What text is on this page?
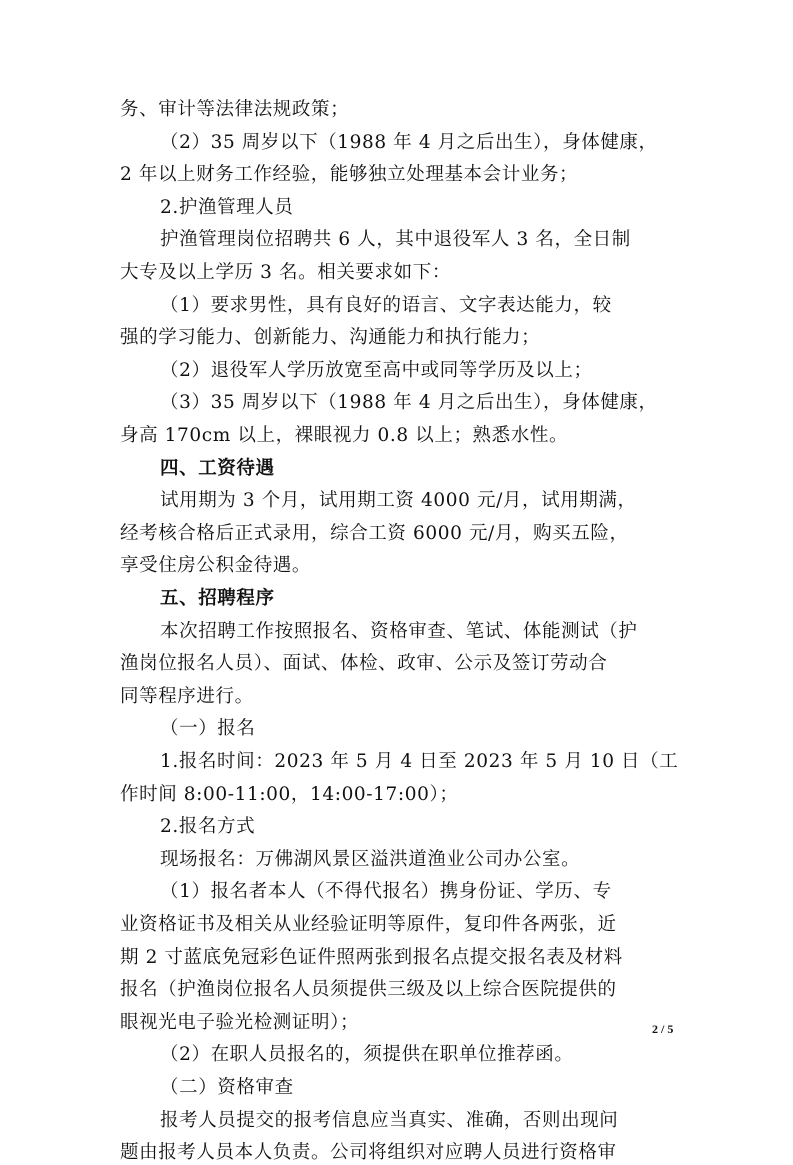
务、审计等法律法规政策；
（2）35 周岁以下（1988 年 4 月之后出生），身体健康，
2 年以上财务工作经验，能够独立处理基本会计业务；
2.护渔管理人员
护渔管理岗位招聘共 6 人，其中退役军人 3 名，全日制
大专及以上学历 3 名。相关要求如下：
（1）要求男性，具有良好的语言、文字表达能力，较
强的学习能力、创新能力、沟通能力和执行能力；
（2）退役军人学历放宽至高中或同等学历及以上；
（3）35 周岁以下（1988 年 4 月之后出生），身体健康，
身高 170cm 以上，裸眼视力 0.8 以上；熟悉水性。
四、工资待遇
试用期为 3 个月，试用期工资 4000 元/月，试用期满，
经考核合格后正式录用，综合工资 6000 元/月，购买五险，
享受住房公积金待遇。
五、招聘程序
本次招聘工作按照报名、资格审查、笔试、体能测试（护
渔岗位报名人员）、面试、体检、政审、公示及签订劳动合
同等程序进行。
（一）报名
1.报名时间：2023 年 5 月 4 日至 2023 年 5 月 10 日（工
作时间 8:00-11:00，14:00-17:00）；
2.报名方式
现场报名：万佛湖风景区溢洪道渔业公司办公室。
（1）报名者本人（不得代报名）携身份证、学历、专
业资格证书及相关从业经验证明等原件，复印件各两张，近
期 2 寸蓝底免冠彩色证件照两张到报名点提交报名表及材料
报名（护渔岗位报名人员须提供三级及以上综合医院提供的
眼视光电子验光检测证明）；
（2）在职人员报名的，须提供在职单位推荐函。
（二）资格审查
报考人员提交的报考信息应当真实、准确，否则出现问
题由报考人员本人负责。公司将组织对应聘人员进行资格审
2 / 5
